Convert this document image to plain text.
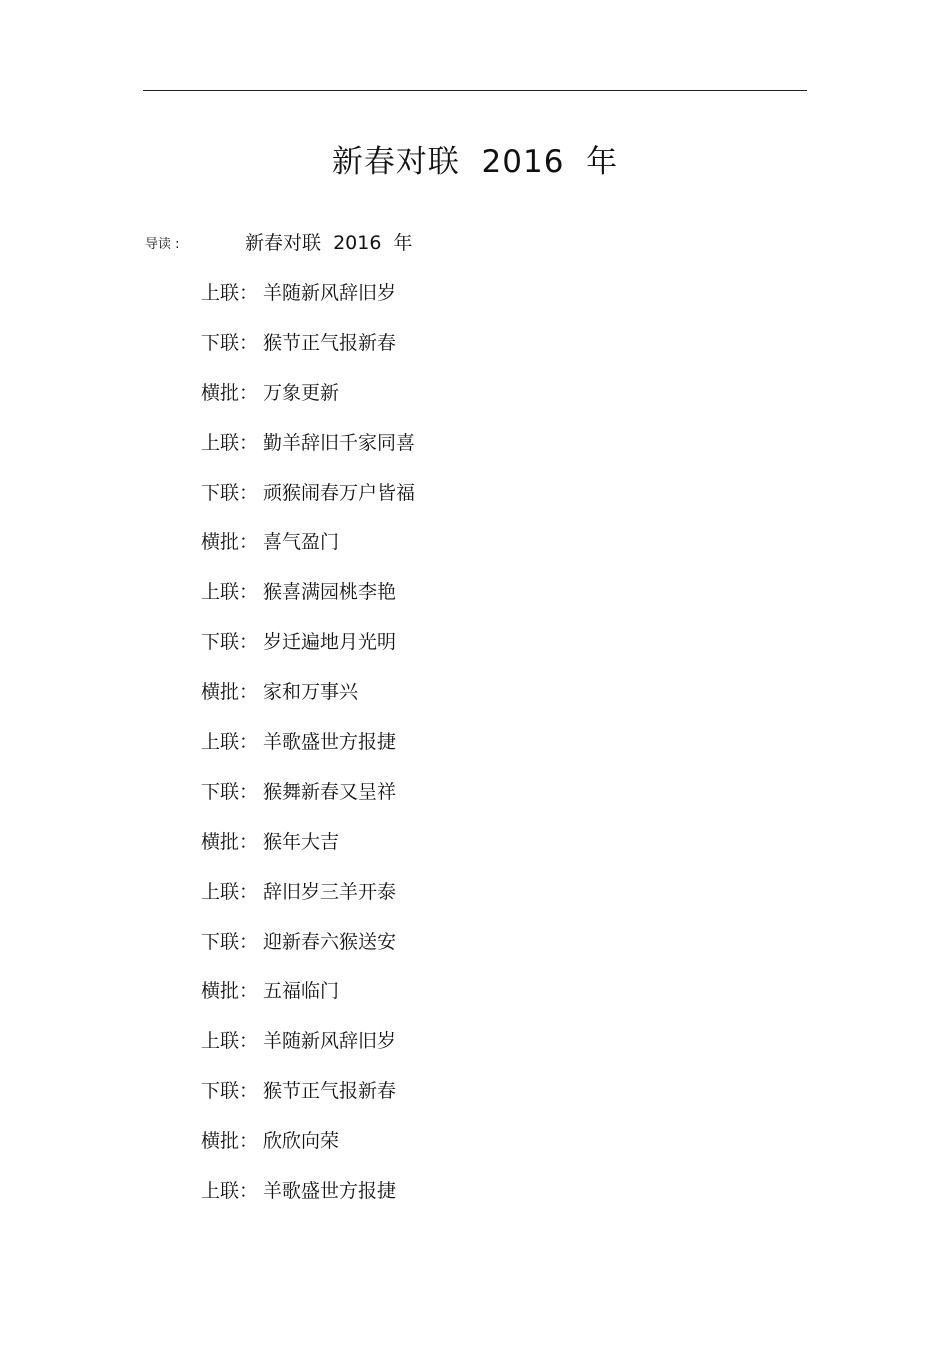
新春对联  2016  年
导读 :	新春对联  2016  年
上联： 羊随新风辞旧岁
下联： 猴节正气报新春
横批： 万象更新
上联： 勤羊辞旧千家同喜
下联： 顽猴闹春万户皆福
横批： 喜气盈门
上联： 猴喜满园桃李艳
下联： 岁迁遍地月光明
横批： 家和万事兴
上联： 羊歌盛世方报捷
下联： 猴舞新春又呈祥
横批： 猴年大吉
上联： 辞旧岁三羊开泰
下联： 迎新春六猴送安
横批： 五福临门
上联： 羊随新风辞旧岁
下联： 猴节正气报新春
横批： 欣欣向荣
上联： 羊歌盛世方报捷
